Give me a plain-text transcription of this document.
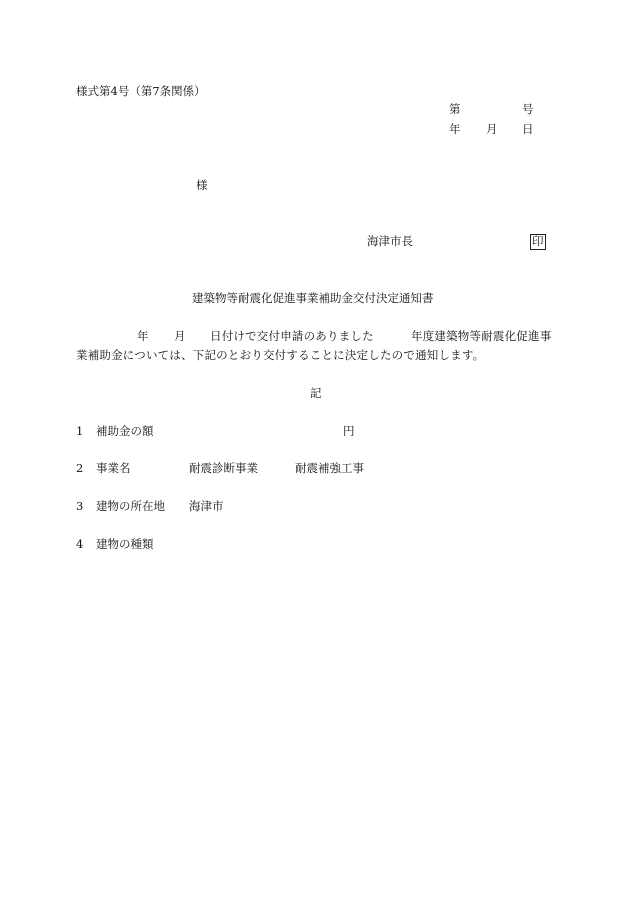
様式第4号（第7条関係）
第	号
年 月 日
様
海津市長	印
建築物等耐震化促進事業補助金交付決定通知書
年 月 日付けで交付申請のありました	年度建築物等耐震化促進事
業補助金については、下記のとおり交付することに決定したので通知します。
記
1 補助金の額	円
2 事業名	耐震診断事業	耐震補強工事
3 建物の所在地 海津市
4 建物の種類
